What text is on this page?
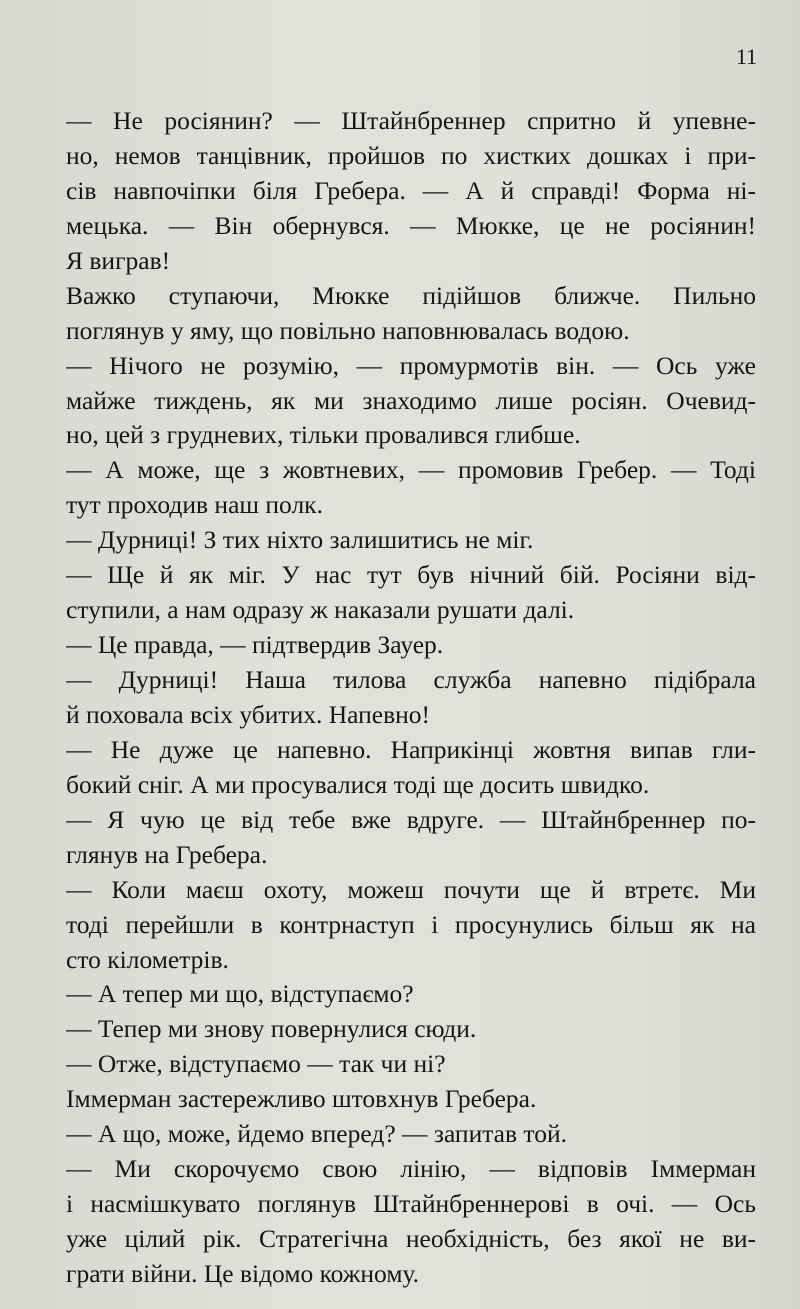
11
— Не росіянин? — Штайнбреннер спритно й упевне-
но, немов танцівник, пройшов по хистких дошках і при-
сів навпочіпки біля Гребера. — А й справді! Форма ні-
мецька. — Він обернувся. — Мюкке, це не росіянин!
Я виграв!
Важко ступаючи, Мюкке підійшов ближче. Пильно
поглянув у яму, що повільно наповнювалась водою.
— Нічого не розумію, — промурмотів він. — Ось уже
майже тиждень, як ми знаходимо лише росіян. Очевид-
но, цей з грудневих, тільки провалився глибше.
— А може, ще з жовтневих, — промовив Гребер. — Тоді
тут проходив наш полк.
— Дурниці! З тих ніхто залишитись не міг.
— Ще й як міг. У нас тут був нічний бій. Росіяни від-
ступили, а нам одразу ж наказали рушати далі.
— Це правда, — підтвердив Зауер.
— Дурниці! Наша тилова служба напевно підібрала
й поховала всіх убитих. Напевно!
— Не дуже це напевно. Наприкінці жовтня випав гли-
бокий сніг. А ми просувалися тоді ще досить швидко.
— Я чую це від тебе вже вдруге. — Штайнбреннер по-
глянув на Гребера.
— Коли маєш охоту, можеш почути ще й втретє. Ми
тоді перейшли в контрнаступ і просунулись більш як на
сто кілометрів.
— А тепер ми що, відступаємо?
— Тепер ми знову повернулися сюди.
— Отже, відступаємо — так чи ні?
Іммерман застережливо штовхнув Гребера.
— А що, може, йдемо вперед? — запитав той.
— Ми скорочуємо свою лінію, — відповів Іммерман
і насмішкувато поглянув Штайнбреннерові в очі. — Ось
уже цілий рік. Стратегічна необхідність, без якої не ви-
грати війни. Це відомо кожному.
